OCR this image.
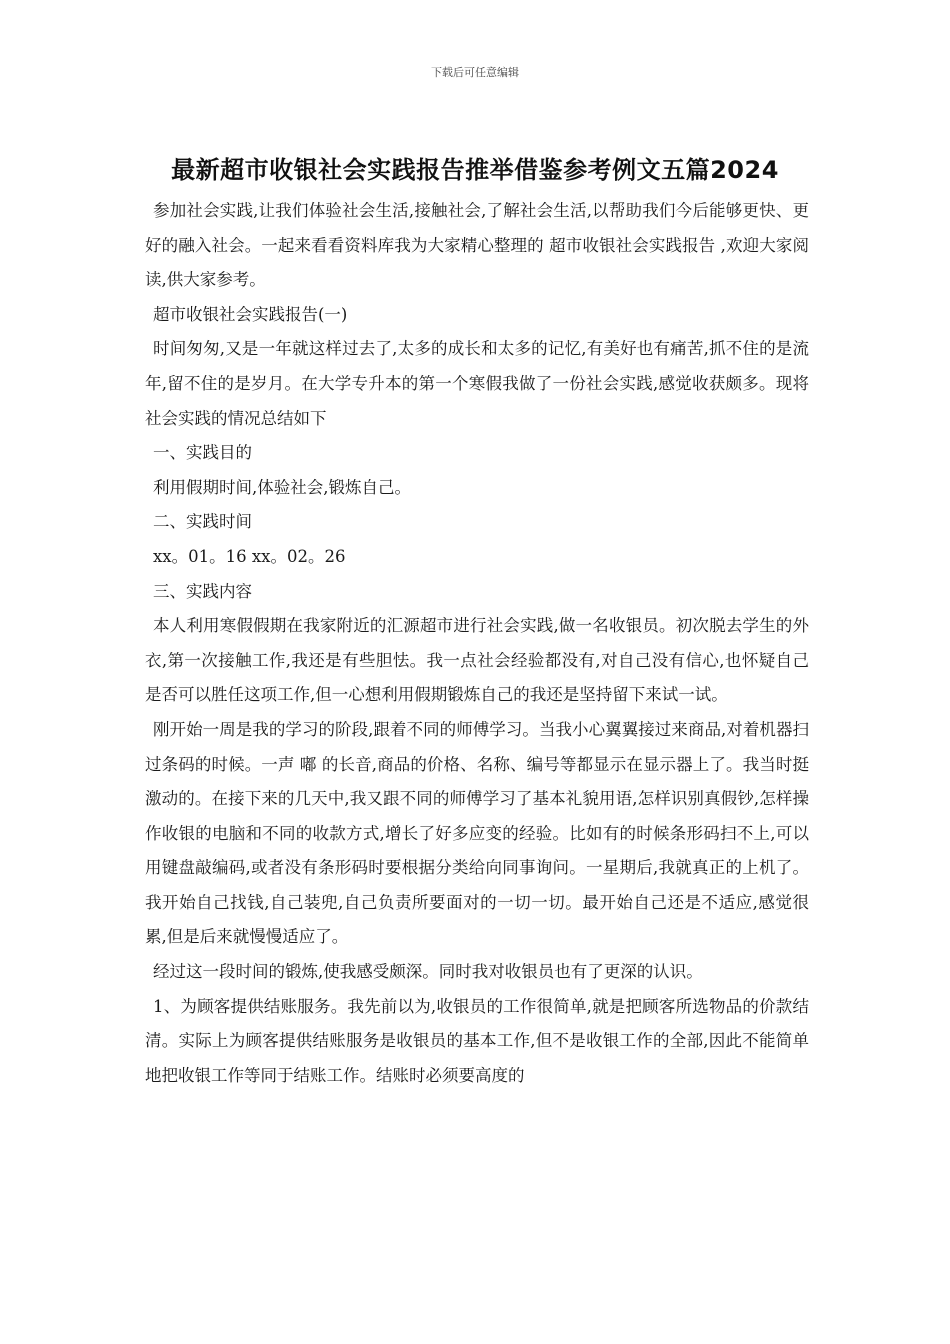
下载后可任意编辑
最新超市收银社会实践报告推举借鉴参考例文五篇2024

参加社会实践,让我们体验社会生活,接触社会,了解社会生活,以帮助我们今后能够更快、更好的融入社会。一起来看看资料库我为大家精心整理的 超市收银社会实践报告 ,欢迎大家阅读,供大家参考。

超市收银社会实践报告(一)

时间匆匆,又是一年就这样过去了,太多的成长和太多的记忆,有美好也有痛苦,抓不住的是流年,留不住的是岁月。在大学专升本的第一个寒假我做了一份社会实践,感觉收获颇多。现将社会实践的情况总结如下

一、实践目的

利用假期时间,体验社会,锻炼自己。

二、实践时间

xx。01。16 xx。02。26

三、实践内容

本人利用寒假假期在我家附近的汇源超市进行社会实践,做一名收银员。初次脱去学生的外衣,第一次接触工作,我还是有些胆怯。我一点社会经验都没有,对自己没有信心,也怀疑自己是否可以胜任这项工作,但一心想利用假期锻炼自己的我还是坚持留下来试一试。

刚开始一周是我的学习的阶段,跟着不同的师傅学习。当我小心翼翼接过来商品,对着机器扫过条码的时候。一声 嘟 的长音,商品的价格、名称、编号等都显示在显示器上了。我当时挺激动的。在接下来的几天中,我又跟不同的师傅学习了基本礼貌用语,怎样识别真假钞,怎样操作收银的电脑和不同的收款方式,增长了好多应变的经验。比如有的时候条形码扫不上,可以用键盘敲编码,或者没有条形码时要根据分类给向同事询问。一星期后,我就真正的上机了。我开始自己找钱,自己装兜,自己负责所要面对的一切一切。最开始自己还是不适应,感觉很累,但是后来就慢慢适应了。

经过这一段时间的锻炼,使我感受颇深。同时我对收银员也有了更深的认识。

1、为顾客提供结账服务。我先前以为,收银员的工作很简单,就是把顾客所选物品的价款结清。实际上为顾客提供结账服务是收银员的基本工作,但不是收银工作的全部,因此不能简单地把收银工作等同于结账工作。结账时必须要高度的
